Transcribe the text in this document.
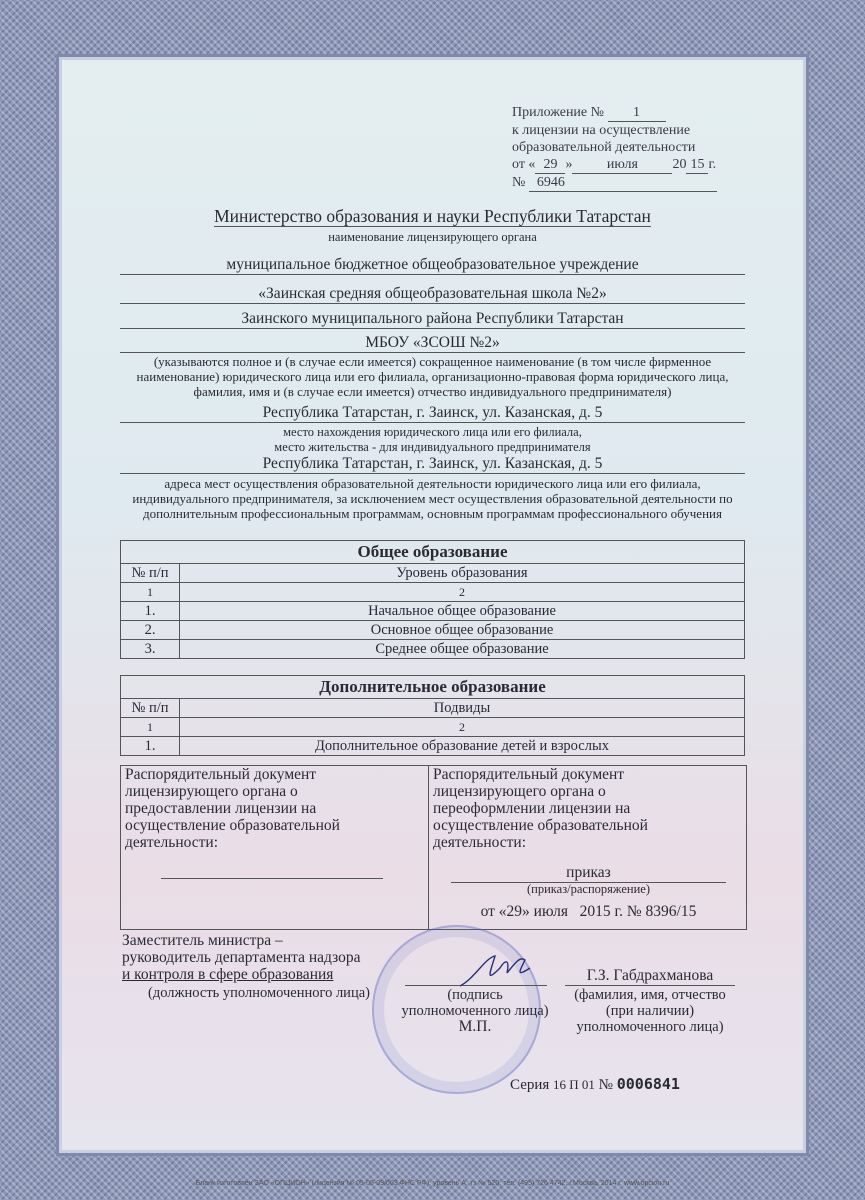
Приложение № 1
к лицензии на осуществление
образовательной деятельности
от « 29 » июля 20 15 г.
№ 6946
Министерство образования и науки Республики Татарстан
наименование лицензирующего органа
муниципальное бюджетное общеобразовательное учреждение
«Заинская средняя общеобразовательная школа №2»
Заинского муниципального района Республики Татарстан
МБОУ «ЗСОШ №2»
(указываются полное и (в случае если имеется) сокращенное наименование (в том числе фирменное наименование) юридического лица или его филиала, организационно-правовая форма юридического лица, фамилия, имя и (в случае если имеется) отчество индивидуального предпринимателя)
Республика Татарстан, г. Заинск, ул. Казанская, д. 5
место нахождения юридического лица или его филиала,
место жительства - для индивидуального предпринимателя
Республика Татарстан, г. Заинск, ул. Казанская, д. 5
адреса мест осуществления образовательной деятельности юридического лица или его филиала, индивидуального предпринимателя, за исключением мест осуществления образовательной деятельности по дополнительным профессиональным программам, основным программам профессионального обучения
Общее образование	
№ п/п	Уровень образования
1	2
1.	Начальное общее образование
2.	Основное общее образование
3.	Среднее общее образование
Дополнительное образование	
№ п/п	Подвиды
1	2
1.	Дополнительное образование детей и взрослых
Распорядительный документ лицензирующего органа о предоставлении лицензии на осуществление образовательной деятельности:
Распорядительный документ лицензирующего органа о переоформлении лицензии на осуществление образовательной деятельности:
приказ
(приказ/распоряжение)
от «29» июля   2015 г. № 8396/15
Заместитель министра –
руководитель департамента надзора
и контроля в сфере образования
(должность уполномоченного лица)	(подпись
уполномоченного лица)
М.П.
Г.З. Габдрахманова
(фамилия, имя, отчество
(при наличии)
уполномоченного лица)
Серия 16 П 01 № 0006841
Бланк изготовлен ЗАО «ОПЦИОН» (лицензия № 05-05-09/003 ФНС РФ), уровень А, тз № 520, тел. (495) 726 4742, г.Москва, 2014 г. www.opcion.ru
